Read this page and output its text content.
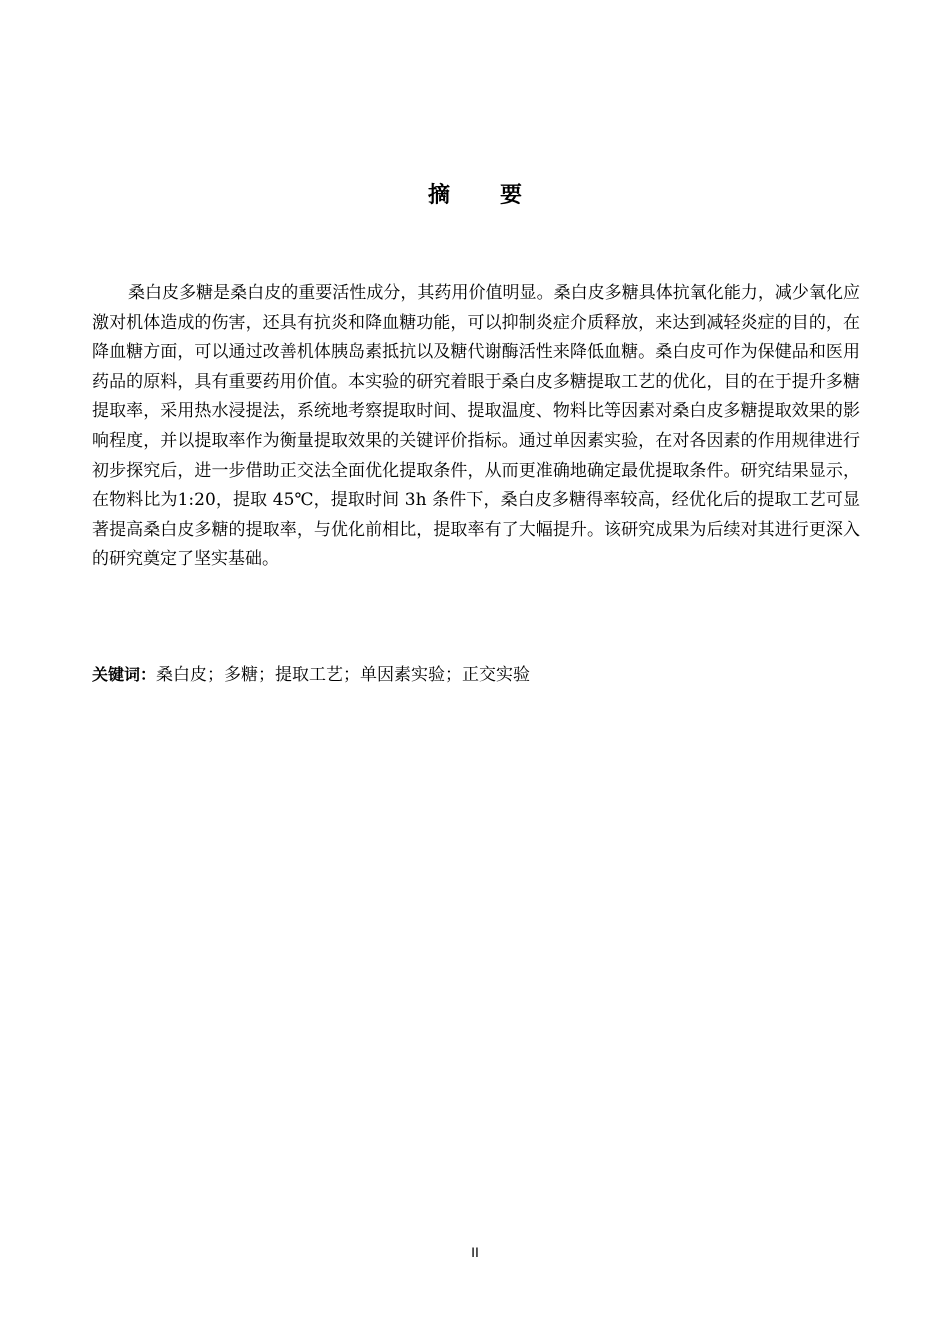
摘 要

桑白皮多糖是桑白皮的重要活性成分，其药用价值明显。桑白皮多糖具体抗氧化能力，减少氧化应激对机体造成的伤害，还具有抗炎和降血糖功能，可以抑制炎症介质释放，来达到减轻炎症的目的，在降血糖方面，可以通过改善机体胰岛素抵抗以及糖代谢酶活性来降低血糖。桑白皮可作为保健品和医用药品的原料，具有重要药用价值。本实验的研究着眼于桑白皮多糖提取工艺的优化，目的在于提升多糖提取率，采用热水浸提法，系统地考察提取时间、提取温度、物料比等因素对桑白皮多糖提取效果的影响程度，并以提取率作为衡量提取效果的关键评价指标。通过单因素实验，在对各因素的作用规律进行初步探究后，进一步借助正交法全面优化提取条件，从而更准确地确定最优提取条件。研究结果显示，在物料比为1:20，提取 45℃，提取时间 3h 条件下，桑白皮多糖得率较高，经优化后的提取工艺可显著提高桑白皮多糖的提取率，与优化前相比，提取率有了大幅提升。该研究成果为后续对其进行更深入的研究奠定了坚实基础。

关键词：桑白皮；多糖；提取工艺；单因素实验；正交实验

II
